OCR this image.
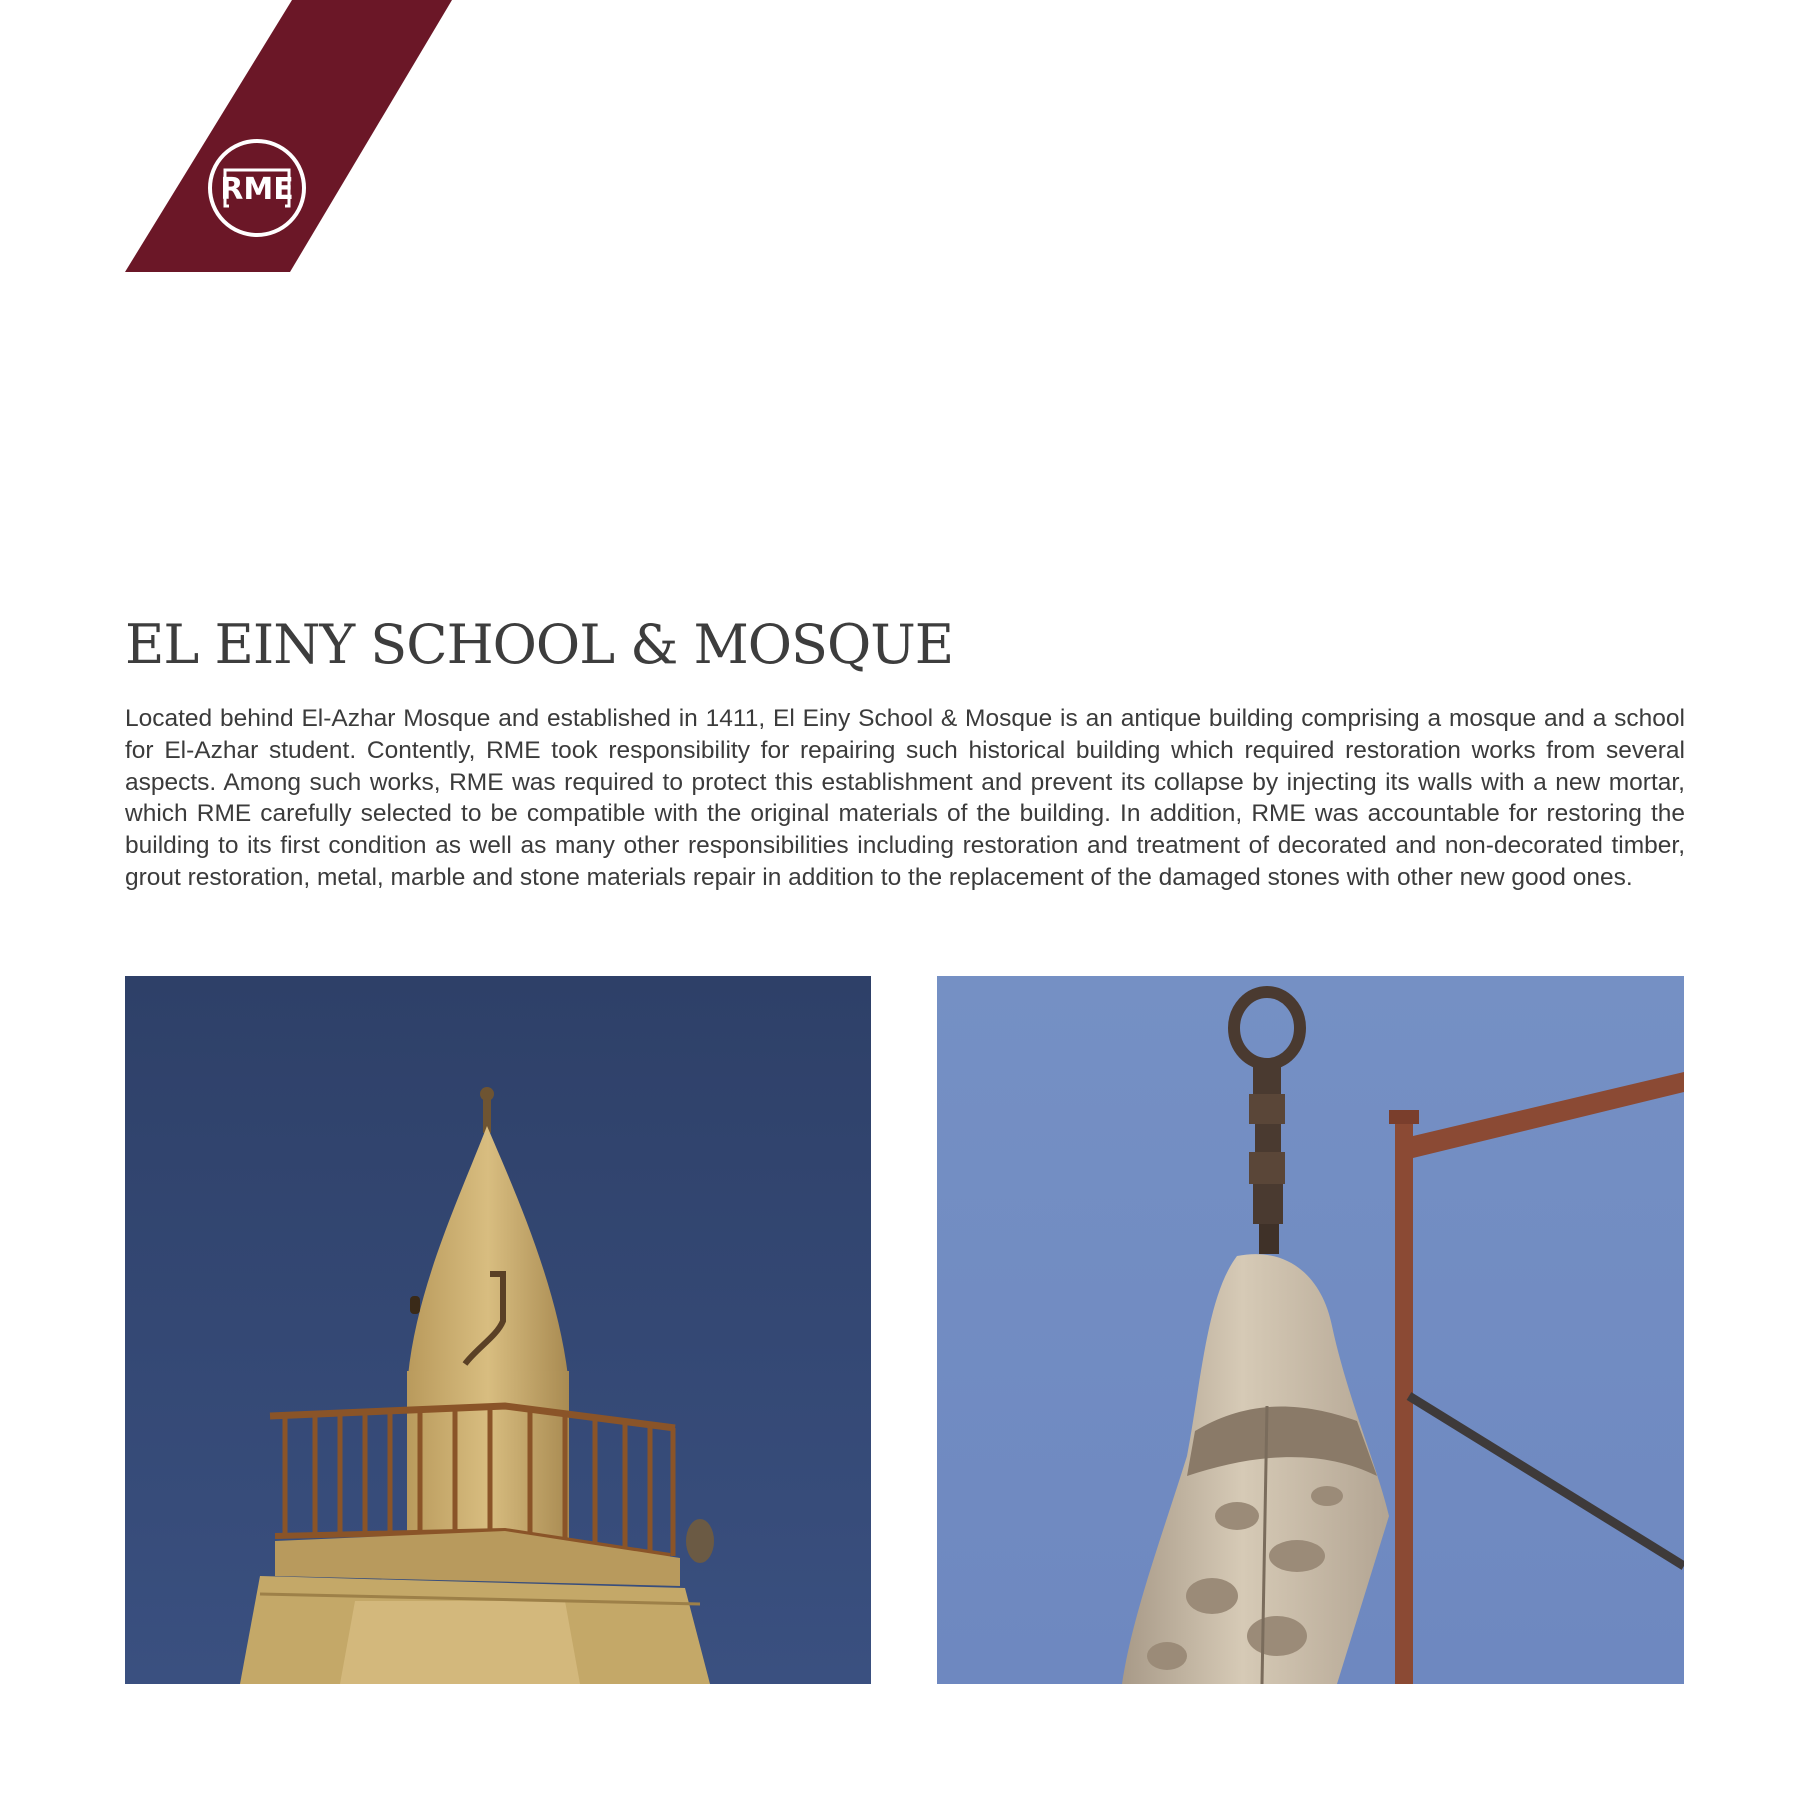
RME
EL EINY SCHOOL & MOSQUE

Located behind El-Azhar Mosque and established in 1411, El Einy School & Mosque is an antique building comprising a mosque and a school for El-Azhar student. Contently, RME took responsibility for repairing such historical building which required restoration works from several aspects. Among such works, RME was required to protect this establishment and prevent its collapse by injecting its walls with a new mortar, which RME carefully selected to be compatible with the original materials of the building. In addition, RME was accountable for restoring the building to its first condition as well as many other responsibilities including restoration and treatment of decorated and non-decorated timber, grout restoration, metal, marble and stone materials repair in addition to the replacement of the damaged stones with other new good ones.
